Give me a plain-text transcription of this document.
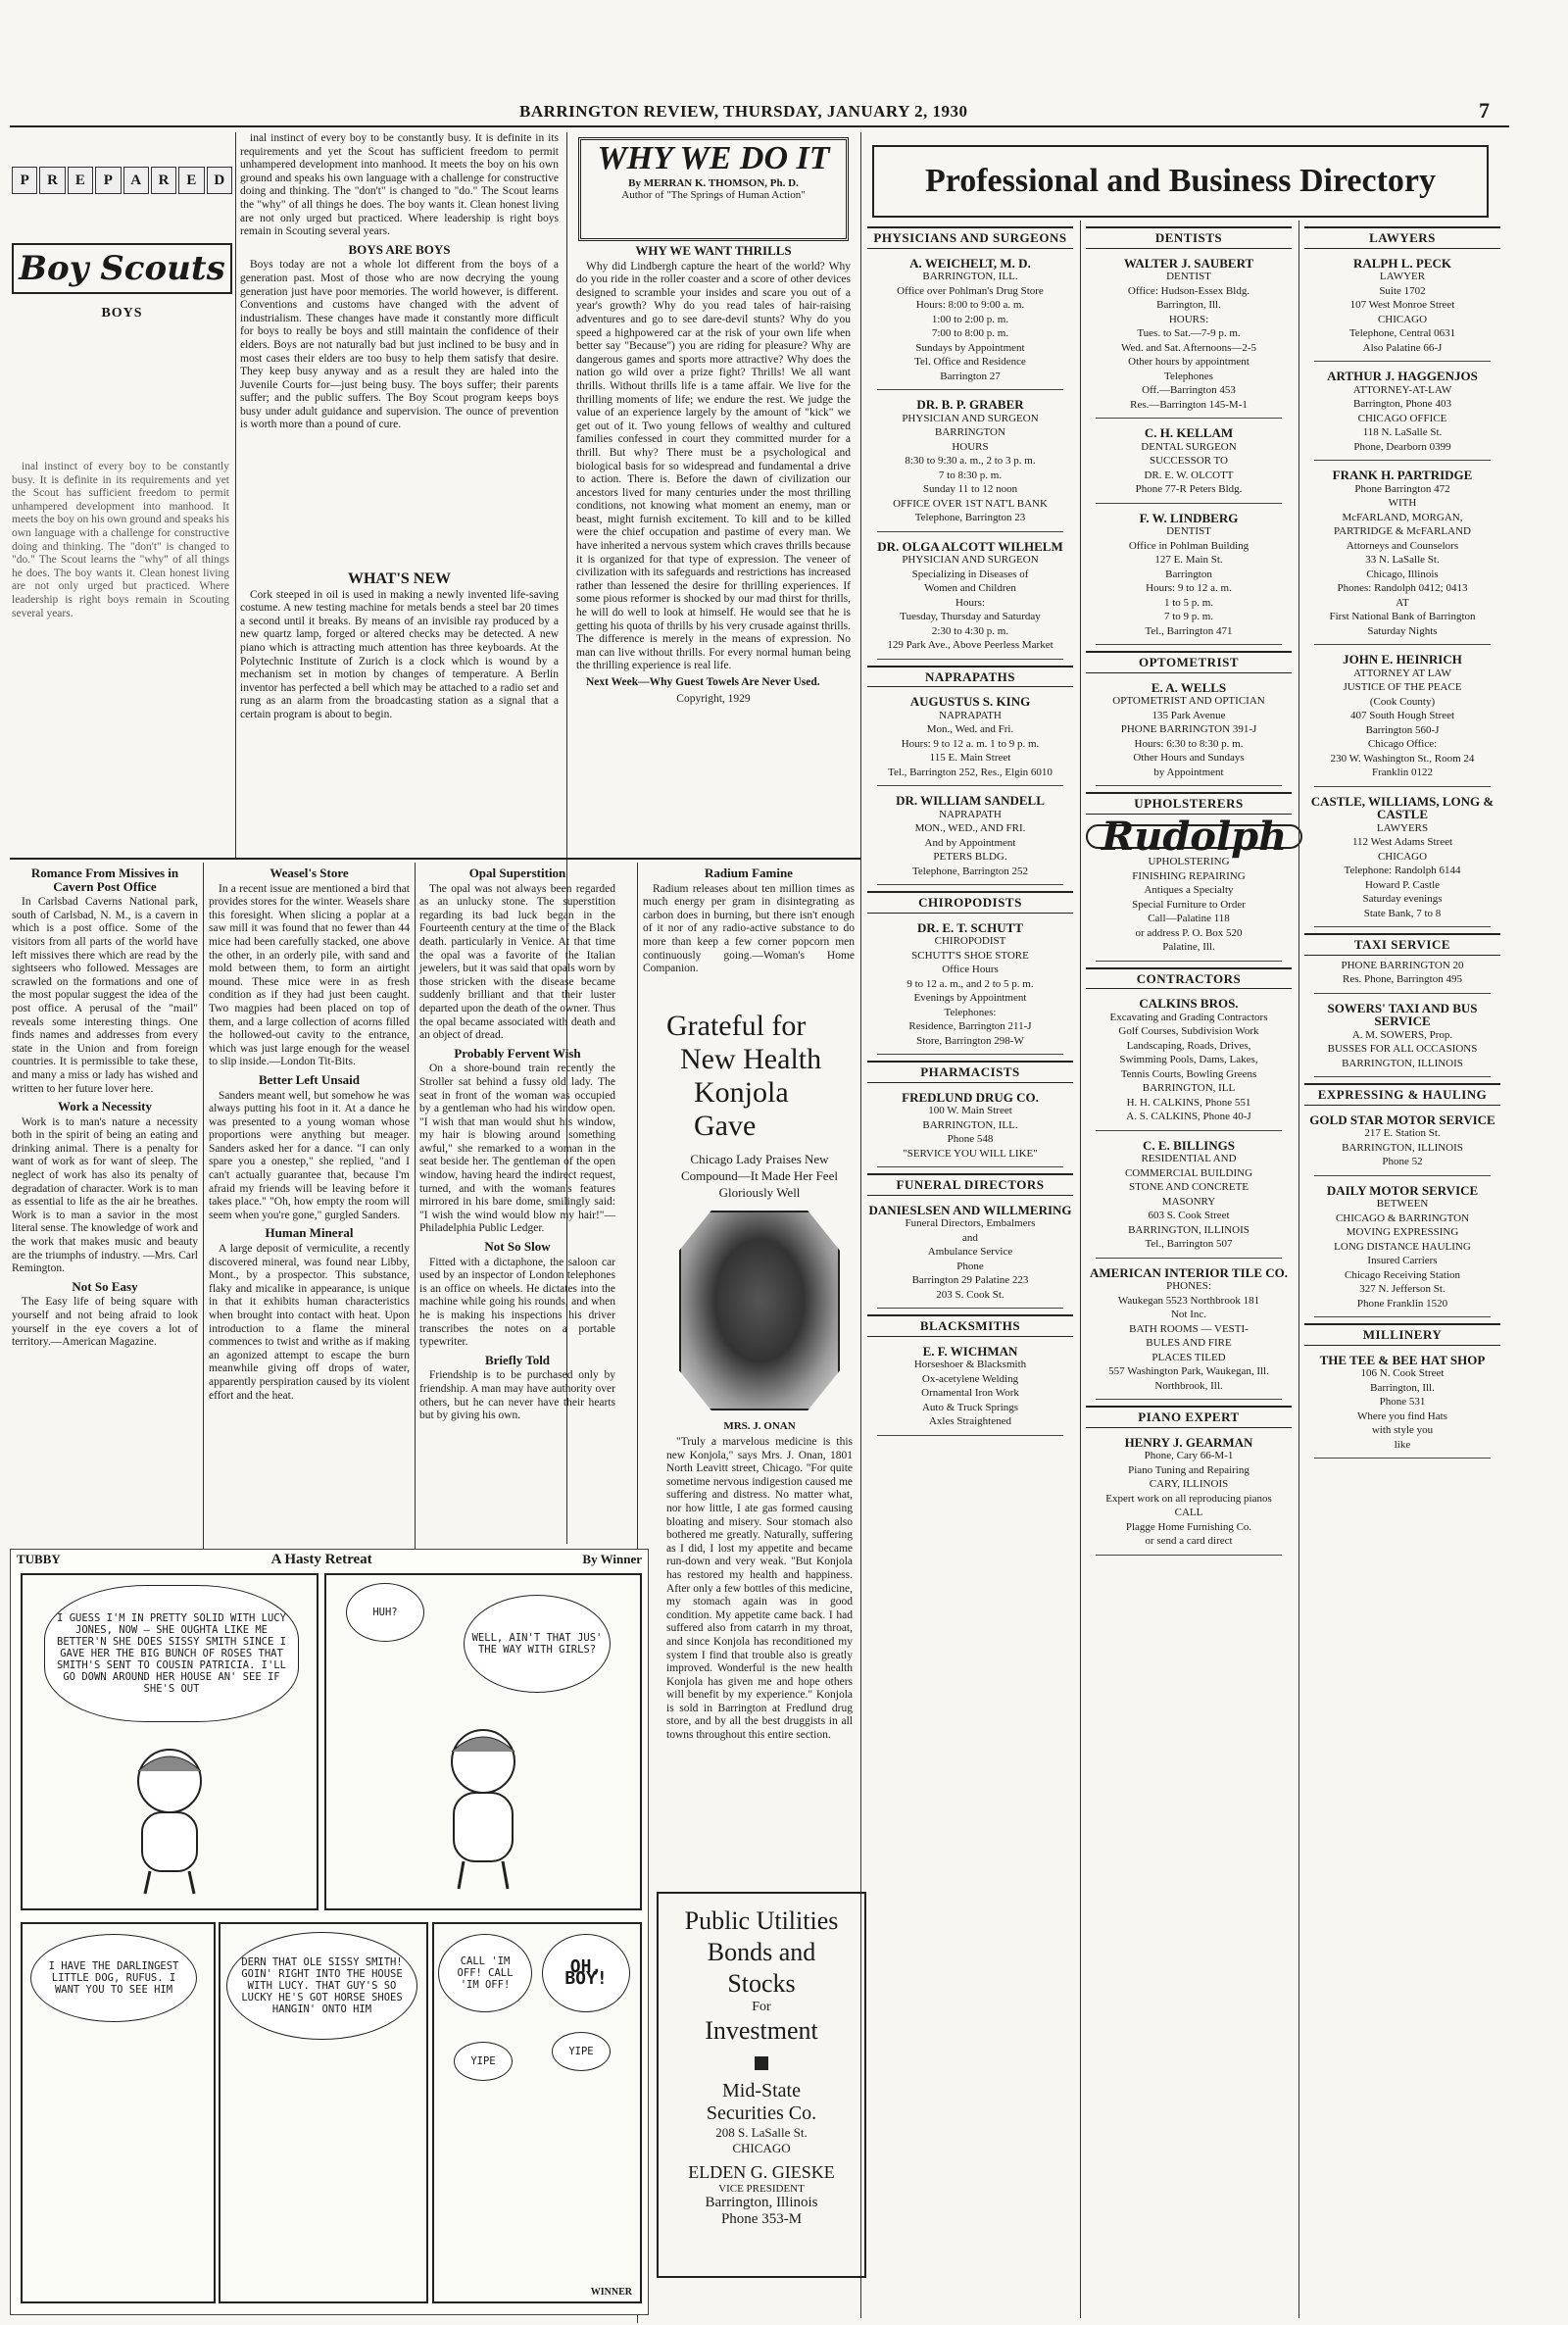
BARRINGTON REVIEW, THURSDAY, JANUARY 2, 1930	7
P	R	E	P	A	R	E	D
Boy Scouts
BOYS

inal instinct of every boy to be constantly busy. It is definite in its requirements and yet the Scout has sufficient freedom to permit unhampered development into manhood. It meets the boy on his own ground and speaks his own language with a challenge for constructive doing and thinking. The "don't" is changed to "do." The Scout learns the "why" of all things he does. The boy wants it. Clean honest living are not only urged but practiced. Where leadership is right boys remain in Scouting several years.

inal instinct of every boy to be constantly busy. It is definite in its requirements and yet the Scout has sufficient freedom to permit unhampered development into manhood. It meets the boy on his own ground and speaks his own language with a challenge for constructive doing and thinking. The "don't" is changed to "do." The Scout learns the "why" of all things he does. The boy wants it. Clean honest living are not only urged but practiced. Where leadership is right boys remain in Scouting several years.

BOYS ARE BOYS

Boys today are not a whole lot different from the boys of a generation past. Most of those who are now decrying the young generation just have poor memories. The world however, is different. Conventions and customs have changed with the advent of industrialism. These changes have made it constantly more difficult for boys to really be boys and still maintain the confidence of their elders. Boys are not naturally bad but just inclined to be busy and in most cases their elders are too busy to help them satisfy that desire. They keep busy anyway and as a result they are haled into the Juvenile Courts for—just being busy. The boys suffer; their parents suffer; and the public suffers. The Boy Scout program keeps boys busy under adult guidance and supervision. The ounce of prevention is worth more than a pound of cure.

WHAT'S NEW

Cork steeped in oil is used in making a newly invented life-saving costume. A new testing machine for metals bends a steel bar 20 times a second until it breaks. By means of an invisible ray produced by a new quartz lamp, forged or altered checks may be detected. A new piano which is attracting much attention has three keyboards. At the Polytechnic Institute of Zurich is a clock which is wound by a mechanism set in motion by changes of temperature. A Berlin inventor has perfected a bell which may be attached to a radio set and rung as an alarm from the broadcasting station as a signal that a certain program is about to begin.

WHY WE DO IT
By MERRAN K. THOMSON, Ph. D.
Author of "The Springs of Human Action"
WHY WE WANT THRILLS

Why did Lindbergh capture the heart of the world? Why do you ride in the roller coaster and a score of other devices designed to scramble your insides and scare you out of a year's growth? Why do you read tales of hair-raising adventures and go to see dare-devil stunts? Why do you speed a highpowered car at the risk of your own life when better say "Because") you are riding for pleasure? Why are dangerous games and sports more attractive? Why does the nation go wild over a prize fight? Thrills! We all want thrills. Without thrills life is a tame affair. We live for the thrilling moments of life; we endure the rest. We judge the value of an experience largely by the amount of "kick" we get out of it. Two young fellows of wealthy and cultured families confessed in court they committed murder for a thrill. But why? There must be a psychological and biological basis for so widespread and fundamental a drive to action. There is. Before the dawn of civilization our ancestors lived for many centuries under the most thrilling conditions, not knowing what moment an enemy, man or beast, might furnish excitement. To kill and to be killed were the chief occupation and pastime of every man. We have inherited a nervous system which craves thrills because it is organized for that type of expression. The veneer of civilization with its safeguards and restrictions has increased rather than lessened the desire for thrilling experiences. If some pious reformer is shocked by our mad thirst for thrills, he will do well to look at himself. He would see that he is getting his quota of thrills by his very crusade against thrills. The difference is merely in the means of expression. No man can live without thrills. For every normal human being the thrilling experience is real life.

Next Week—Why Guest Towels Are Never Used.

Copyright, 1929
Romance From Missives in Cavern Post Office

In Carlsbad Caverns National park, south of Carlsbad, N. M., is a cavern in which is a post office. Some of the visitors from all parts of the world have left missives there which are read by the sightseers who followed. Messages are scrawled on the formations and one of the most popular suggest the idea of the post office. A perusal of the "mail" reveals some interesting things. One finds names and addresses from every state in the Union and from foreign countries. It is permissible to take these, and many a miss or lady has wished and written to her future lover here.

Work a Necessity

Work is to man's nature a necessity both in the spirit of being an eating and drinking animal. There is a penalty for want of work as for want of sleep. The neglect of work has also its penalty of degradation of character. Work is to man as essential to life as the air he breathes. Work is to man a savior in the most literal sense. The knowledge of work and the work that makes music and beauty are the triumphs of industry. —Mrs. Carl Remington.

Not So Easy

The Easy life of being square with yourself and not being afraid to look yourself in the eye covers a lot of territory.—American Magazine.

Weasel's Store

In a recent issue are mentioned a bird that provides stores for the winter. Weasels share this foresight. When slicing a poplar at a saw mill it was found that no fewer than 44 mice had been carefully stacked, one above the other, in an orderly pile, with sand and mold between them, to form an airtight mound. These mice were in as fresh condition as if they had just been caught. Two magpies had been placed on top of them, and a large collection of acorns filled the hollowed-out cavity to the entrance, which was just large enough for the weasel to slip inside.—London Tit-Bits.

Better Left Unsaid

Sanders meant well, but somehow he was always putting his foot in it. At a dance he was presented to a young woman whose proportions were anything but meager. Sanders asked her for a dance. "I can only spare you a onestep," she replied, "and I can't actually guarantee that, because I'm afraid my friends will be leaving before it takes place." "Oh, how empty the room will seem when you're gone," gurgled Sanders.

Human Mineral

A large deposit of vermiculite, a recently discovered mineral, was found near Libby, Mont., by a prospector. This substance, flaky and micalike in appearance, is unique in that it exhibits human characteristics when brought into contact with heat. Upon introduction to a flame the mineral commences to twist and writhe as if making an agonized attempt to escape the burn meanwhile giving off drops of water, apparently perspiration caused by its violent effort and the heat.

Opal Superstition

The opal was not always been regarded as an unlucky stone. The superstition regarding its bad luck began in the Fourteenth century at the time of the Black death. particularly in Venice. At that time the opal was a favorite of the Italian jewelers, but it was said that opals worn by those stricken with the disease became suddenly brilliant and that their luster departed upon the death of the owner. Thus the opal became associated with death and an object of dread.

Probably Fervent Wish

On a shore-bound train recently the Stroller sat behind a fussy old lady. The seat in front of the woman was occupied by a gentleman who had his window open. "I wish that man would shut his window, my hair is blowing around something awful," she remarked to a woman in the seat beside her. The gentleman of the open window, having heard the indirect request, turned, and with the woman's features mirrored in his bare dome, smilingly said: "I wish the wind would blow my hair!"—Philadelphia Public Ledger.

Not So Slow

Fitted with a dictaphone, the saloon car used by an inspector of London telephones is an office on wheels. He dictates into the machine while going his rounds, and when he is making his inspections his driver transcribes the notes on a portable typewriter.

Briefly Told

Friendship is to be purchased only by friendship. A man may have authority over others, but he can never have their hearts but by giving his own.

Radium Famine

Radium releases about ten million times as much energy per gram in disintegrating as carbon does in burning, but there isn't enough of it nor of any radio-active substance to do more than keep a few corner popcorn men continuously going.—Woman's Home Companion.

Grateful for
New Health
Konjola Gave
Chicago Lady Praises New Compound—It Made Her Feel Gloriously Well
MRS. J. ONAN

"Truly a marvelous medicine is this new Konjola," says Mrs. J. Onan, 1801 North Leavitt street, Chicago. "For quite sometime nervous indigestion caused me suffering and distress. No matter what, nor how little, I ate gas formed causing bloating and misery. Sour stomach also bothered me greatly. Naturally, suffering as I did, I lost my appetite and became run-down and very weak. "But Konjola has restored my health and happiness. After only a few bottles of this medicine, my stomach again was in good condition. My appetite came back. I had suffered also from catarrh in my throat, and since Konjola has reconditioned my system I find that trouble also is greatly improved. Wonderful is the new health Konjola has given me and hope others will benefit by my experience." Konjola is sold in Barrington at Fredlund drug store, and by all the best druggists in all towns throughout this entire section.

Public Utilities
Bonds and
Stocks
For
Investment
Mid-State
Securities Co.
208 S. LaSalle St.
CHICAGO
ELDEN G. GIESKE
VICE PRESIDENT
Barrington, Illinois
Phone 353-M
TUBBY	A Hasty Retreat	By Winner
I GUESS I'M IN PRETTY SOLID WITH LUCY JONES, NOW — SHE OUGHTA LIKE ME BETTER'N SHE DOES SISSY SMITH SINCE I GAVE HER THE BIG BUNCH OF ROSES THAT SMITH'S SENT TO COUSIN PATRICIA. I'LL GO DOWN AROUND HER HOUSE AN' SEE IF SHE'S OUT
HUH?
WELL, AIN'T THAT JUS' THE WAY WITH GIRLS?
I HAVE THE DARLINGEST LITTLE DOG, RUFUS. I WANT YOU TO SEE HIM
DERN THAT OLE SISSY SMITH! GOIN' RIGHT INTO THE HOUSE WITH LUCY. THAT GUY'S SO LUCKY HE'S GOT HORSE SHOES HANGIN' ONTO HIM
CALL 'IM OFF! CALL 'IM OFF!
OH, BOY!
YIPE
YIPE
WINNER
Professional and Business Directory
PHYSICIANS AND SURGEONS
A. WEICHELT, M. D.

BARRINGTON, ILL.

Office over Pohlman's Drug Store

Hours: 8:00 to 9:00 a. m.

1:00 to 2:00 p. m.

7:00 to 8:00 p. m.

Sundays by Appointment

Tel. Office and Residence

Barrington 27

DR. B. P. GRABER

PHYSICIAN AND SURGEON

BARRINGTON

HOURS

8:30 to 9:30 a. m., 2 to 3 p. m.

7 to 8:30 p. m.

Sunday 11 to 12 noon

OFFICE OVER 1ST NAT'L BANK

Telephone, Barrington 23

DR. OLGA ALCOTT WILHELM

PHYSICIAN AND SURGEON

Specializing in Diseases of

Women and Children

Hours:

Tuesday, Thursday and Saturday

2:30 to 4:30 p. m.

129 Park Ave., Above Peerless Market

NAPRAPATHS
AUGUSTUS S. KING

NAPRAPATH

Mon., Wed. and Fri.

Hours: 9 to 12 a. m. 1 to 9 p. m.

115 E. Main Street

Tel., Barrington 252, Res., Elgin 6010

DR. WILLIAM SANDELL

NAPRAPATH

MON., WED., AND FRI.

And by Appointment

PETERS BLDG.

Telephone, Barrington 252

CHIROPODISTS
DR. E. T. SCHUTT

CHIROPODIST

SCHUTT'S SHOE STORE

Office Hours

9 to 12 a. m., and 2 to 5 p. m.

Evenings by Appointment

Telephones:

Residence, Barrington 211-J

Store, Barrington 298-W

PHARMACISTS
FREDLUND DRUG CO.

100 W. Main Street

BARRINGTON, ILL.

Phone 548

"SERVICE YOU WILL LIKE"

FUNERAL DIRECTORS
DANIESLSEN AND WILLMERING

Funeral Directors, Embalmers

and

Ambulance Service

Phone

Barrington 29 Palatine 223

203 S. Cook St.

BLACKSMITHS
E. F. WICHMAN

Horseshoer & Blacksmith

Ox-acetylene Welding

Ornamental Iron Work

Auto & Truck Springs

Axles Straightened

DENTISTS
WALTER J. SAUBERT

DENTIST

Office: Hudson-Essex Bldg.

Barrington, Ill.

HOURS:

Tues. to Sat.—7-9 p. m.

Wed. and Sat. Afternoons—2-5

Other hours by appointment

Telephones

Off.—Barrington 453

Res.—Barrington 145-M-1

C. H. KELLAM

DENTAL SURGEON

SUCCESSOR TO

DR. E. W. OLCOTT

Phone 77-R Peters Bldg.

F. W. LINDBERG

DENTIST

Office in Pohlman Building

127 E. Main St.

Barrington

Hours: 9 to 12 a. m.

1 to 5 p. m.

7 to 9 p. m.

Tel., Barrington 471

OPTOMETRIST
E. A. WELLS

OPTOMETRIST AND OPTICIAN

135 Park Avenue

PHONE BARRINGTON 391-J

Hours: 6:30 to 8:30 p. m.

Other Hours and Sundays

by Appointment

UPHOLSTERERS
Rudolph

UPHOLSTERING

FINISHING REPAIRING

Antiques a Specialty

Special Furniture to Order

Call—Palatine 118

or address P. O. Box 520

Palatine, Ill.

CONTRACTORS
CALKINS BROS.

Excavating and Grading Contractors

Golf Courses, Subdivision Work

Landscaping, Roads, Drives,

Swimming Pools, Dams, Lakes,

Tennis Courts, Bowling Greens

BARRINGTON, ILL

H. H. CALKINS, Phone 551

A. S. CALKINS, Phone 40-J

C. E. BILLINGS

RESIDENTIAL AND

COMMERCIAL BUILDING

STONE AND CONCRETE

MASONRY

603 S. Cook Street

BARRINGTON, ILLINOIS

Tel., Barrington 507

AMERICAN INTERIOR TILE CO.

PHONES:

Waukegan 5523 Northbrook 181

Not Inc.

BATH ROOMS — VESTI-

BULES AND FIRE

PLACES TILED

557 Washington Park, Waukegan, Ill.

Northbrook, Ill.

PIANO EXPERT
HENRY J. GEARMAN

Phone, Cary 66-M-1

Piano Tuning and Repairing

CARY, ILLINOIS

Expert work on all reproducing pianos

CALL

Plagge Home Furnishing Co.

or send a card direct

LAWYERS
RALPH L. PECK

LAWYER

Suite 1702

107 West Monroe Street

CHICAGO

Telephone, Central 0631

Also Palatine 66-J

ARTHUR J. HAGGENJOS

ATTORNEY-AT-LAW

Barrington, Phone 403

CHICAGO OFFICE

118 N. LaSalle St.

Phone, Dearborn 0399

FRANK H. PARTRIDGE

Phone Barrington 472

WITH

McFARLAND, MORGAN,

PARTRIDGE & McFARLAND

Attorneys and Counselors

33 N. LaSalle St.

Chicago, Illinois

Phones: Randolph 0412; 0413

AT

First National Bank of Barrington

Saturday Nights

JOHN E. HEINRICH

ATTORNEY AT LAW

JUSTICE OF THE PEACE

(Cook County)

407 South Hough Street

Barrington 560-J

Chicago Office:

230 W. Washington St., Room 24

Franklin 0122

CASTLE, WILLIAMS, LONG & CASTLE

LAWYERS

112 West Adams Street

CHICAGO

Telephone: Randolph 6144

Howard P. Castle

Saturday evenings

State Bank, 7 to 8

TAXI SERVICE

PHONE BARRINGTON 20

Res. Phone, Barrington 495

SOWERS' TAXI AND BUS SERVICE

A. M. SOWERS, Prop.

BUSSES FOR ALL OCCASIONS

BARRINGTON, ILLINOIS

EXPRESSING & HAULING
GOLD STAR MOTOR SERVICE

217 E. Station St.

BARRINGTON, ILLINOIS

Phone 52

DAILY MOTOR SERVICE

BETWEEN

CHICAGO & BARRINGTON

MOVING EXPRESSING

LONG DISTANCE HAULING

Insured Carriers

Chicago Receiving Station

327 N. Jefferson St.

Phone Franklin 1520

MILLINERY
THE TEE & BEE HAT SHOP

106 N. Cook Street

Barrington, Ill.

Phone 531

Where you find Hats

with style you

like
